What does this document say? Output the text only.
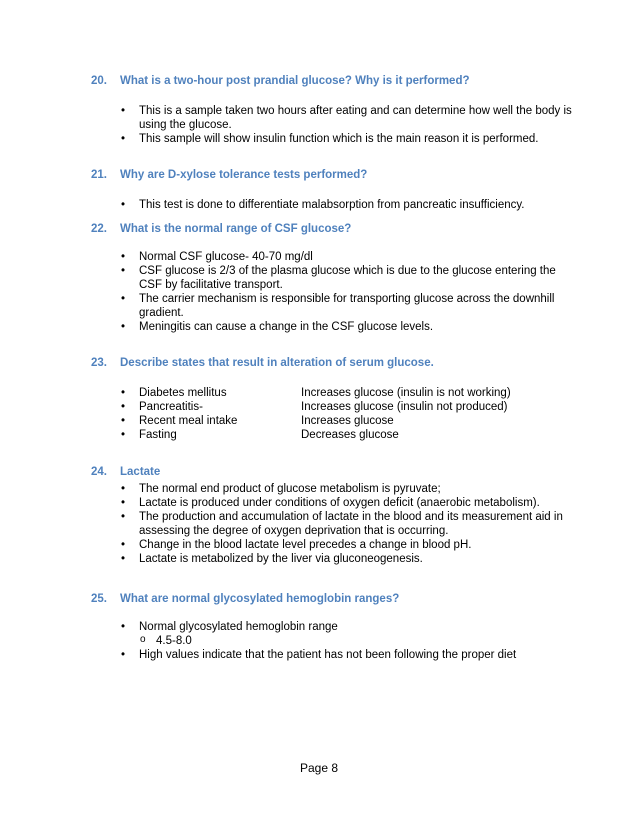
20. What is a two-hour post prandial glucose? Why is it performed?
• This is a sample taken two hours after eating and can determine how well the body is using the glucose.
• This sample will show insulin function which is the main reason it is performed.
21. Why are D-xylose tolerance tests performed?
• This test is done to differentiate malabsorption from pancreatic insufficiency.
22. What is the normal range of CSF glucose?
• Normal CSF glucose- 40-70 mg/dl
• CSF glucose is 2/3 of the plasma glucose which is due to the glucose entering the CSF by facilitative transport.
• The carrier mechanism is responsible for transporting glucose across the downhill gradient.
• Meningitis can cause a change in the CSF glucose levels.
23. Describe states that result in alteration of serum glucose.
• Diabetes mellitus	Increases glucose (insulin is not working)
• Pancreatitis-	Increases glucose (insulin not produced)
• Recent meal intake	Increases glucose
• Fasting	Decreases glucose
24. Lactate
• The normal end product of glucose metabolism is pyruvate;
• Lactate is produced under conditions of oxygen deficit (anaerobic metabolism).
• The production and accumulation of lactate in the blood and its measurement aid in assessing the degree of oxygen deprivation that is occurring.
• Change in the blood lactate level precedes a change in blood pH.
• Lactate is metabolized by the liver via gluconeogenesis.
25. What are normal glycosylated hemoglobin ranges?
• Normal glycosylated hemoglobin range
o 4.5-8.0
• High values indicate that the patient has not been following the proper diet
Page 8
